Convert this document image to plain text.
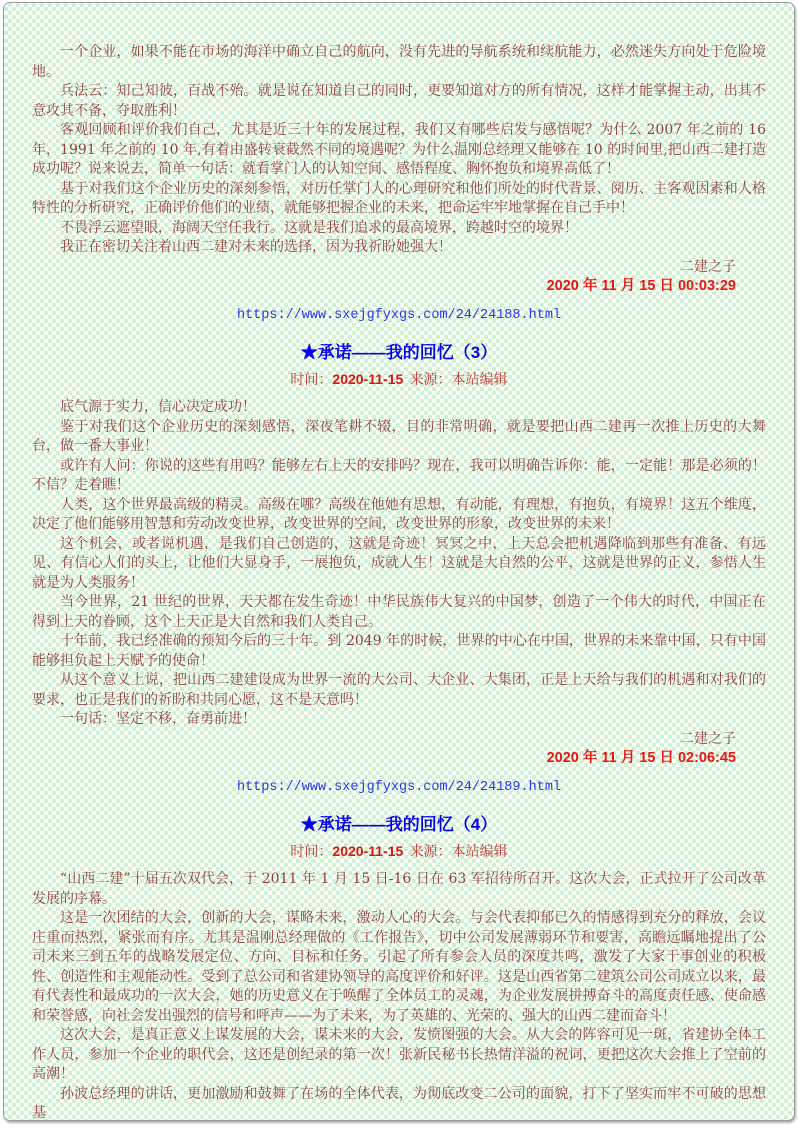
一个企业，如果不能在市场的海洋中确立自己的航向，没有先进的导航系统和续航能力，必然迷失方向处于危险境地。

兵法云：知己知彼，百战不殆。就是说在知道自己的同时，更要知道对方的所有情况，这样才能掌握主动，出其不意攻其不备，夺取胜利！

客观回顾和评价我们自己，尤其是近三十年的发展过程，我们又有哪些启发与感悟呢？为什么 2007 年之前的 16 年，1991 年之前的 10 年,有着由盛转衰截然不同的境遇呢？为什么温刚总经理又能够在 10 的时间里,把山西二建打造成功呢？说来说去，简单一句话：就看掌门人的认知空间、感悟程度、胸怀抱负和境界高低了！

基于对我们这个企业历史的深刻参悟，对历任掌门人的心理研究和他们所处的时代背景、阅历、主客观因素和人格特性的分析研究，正确评价他们的业绩，就能够把握企业的未来，把命运牢牢地掌握在自己手中！

不畏浮云遮望眼，海阔天空任我行。这就是我们追求的最高境界，跨越时空的境界！

我正在密切关注着山西二建对未来的选择，因为我祈盼她强大！

二建之子

2020 年 11 月 15 日 00:03:29

https://www.sxejgfyxgs.com/24/24188.html

★承诺——我的回忆（3）

时间：2020-11-15 来源：本站编辑

底气源于实力，信心决定成功！

鉴于对我们这个企业历史的深刻感悟，深夜笔耕不辍，目的非常明确，就是要把山西二建再一次推上历史的大舞台，做一番大事业！

或许有人问：你说的这些有用吗？能够左右上天的安排吗？现在，我可以明确告诉你：能，一定能！那是必须的！不信？走着瞧！

人类，这个世界最高级的精灵。高级在哪？高级在他她有思想，有动能，有理想，有抱负，有境界！这五个维度，决定了他们能够用智慧和劳动改变世界，改变世界的空间，改变世界的形象，改变世界的未来！

这个机会，或者说机遇，是我们自己创造的，这就是奇迹！冥冥之中，上天总会把机遇降临到那些有准备、有远见、有信心人们的头上，让他们大显身手，一展抱负，成就人生！这就是大自然的公平，这就是世界的正义，参悟人生就是为人类服务！

当今世界，21 世纪的世界，天天都在发生奇迹！中华民族伟大复兴的中国梦，创造了一个伟大的时代，中国正在得到上天的眷顾，这个上天正是大自然和我们人类自己。

十年前，我已经准确的预知今后的三十年。到 2049 年的时候，世界的中心在中国，世界的未来靠中国，只有中国能够担负起上天赋予的使命！

从这个意义上说，把山西二建建设成为世界一流的大公司、大企业、大集团，正是上天给与我们的机遇和对我们的要求，也正是我们的祈盼和共同心愿，这不是天意吗！

一句话：坚定不移，奋勇前进！

二建之子

2020 年 11 月 15 日 02:06:45

https://www.sxejgfyxgs.com/24/24189.html

★承诺——我的回忆（4）

时间：2020-11-15 来源：本站编辑

“山西二建”十届五次双代会，于 2011 年 1 月 15 日-16 日在 63 军招待所召开。这次大会，正式拉开了公司改革发展的序幕。

这是一次团结的大会，创新的大会，谋略未来，激动人心的大会。与会代表抑郁已久的情感得到充分的释放，会议庄重而热烈，紧张而有序。尤其是温刚总经理做的《工作报告》，切中公司发展薄弱环节和要害，高瞻远瞩地提出了公司未来三到五年的战略发展定位、方向、目标和任务。引起了所有参会人员的深度共鸣，激发了大家干事创业的积极性、创造性和主观能动性。受到了总公司和省建协领导的高度评价和好评。这是山西省第二建筑公司公司成立以来，最有代表性和最成功的一次大会，她的历史意义在于唤醒了全体员工的灵魂，为企业发展拼搏奋斗的高度责任感、使命感和荣誉感，向社会发出强烈的信号和呼声——为了未来，为了英雄的、光荣的、强大的山西二建而奋斗！

这次大会，是真正意义上谋发展的大会，谋未来的大会，发愤图强的大会。从大会的阵容可见一斑，省建协全体工作人员，参加一个企业的职代会，这还是创纪录的第一次！张新民秘书长热情洋溢的祝词，更把这次大会推上了空前的高潮！

孙波总经理的讲话，更加激励和鼓舞了在场的全体代表，为彻底改变二公司的面貌，打下了坚实而牢不可破的思想基
